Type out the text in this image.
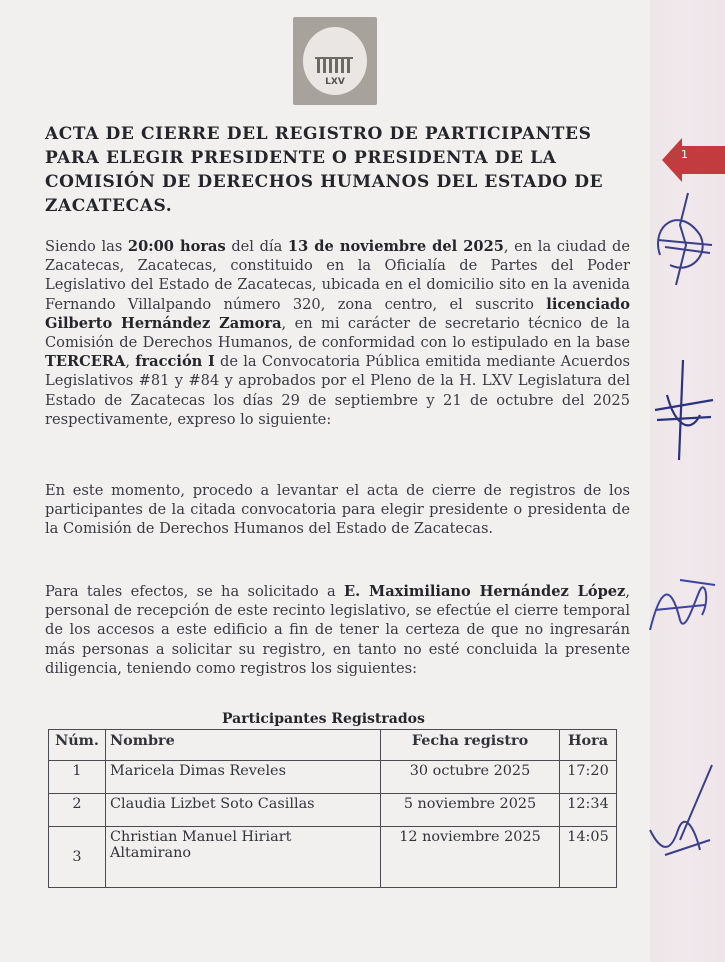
LXV
ACTA DE CIERRE DEL REGISTRO DE PARTICIPANTES PARA ELEGIR PRESIDENTE O PRESIDENTA DE LA COMISIÓN DE DERECHOS HUMANOS DEL ESTADO DE ZACATECAS.
Siendo las 20:00 horas del día 13 de noviembre del 2025, en la ciudad de Zacatecas, Zacatecas, constituido en la Oficialía de Partes del Poder Legislativo del Estado de Zacatecas, ubicada en el domicilio sito en la avenida Fernando Villalpando número 320, zona centro, el suscrito licenciado Gilberto Hernández Zamora, en mi carácter de secretario técnico de la Comisión de Derechos Humanos, de conformidad con lo estipulado en la base TERCERA, fracción I de la Convocatoria Pública emitida mediante Acuerdos Legislativos #81 y #84 y aprobados por el Pleno de la H. LXV Legislatura del Estado de Zacatecas los días 29 de septiembre y 21 de octubre del 2025 respectivamente, expreso lo siguiente:
En este momento, procedo a levantar el acta de cierre de registros de los participantes de la citada convocatoria para elegir presidente o presidenta de la Comisión de Derechos Humanos del Estado de Zacatecas.
Para tales efectos, se ha solicitado a E. Maximiliano Hernández López, personal de recepción de este recinto legislativo, se efectúe el cierre temporal de los accesos a este edificio a fin de tener la certeza de que no ingresarán más personas a solicitar su registro, en tanto no esté concluida la presente diligencia, teniendo como registros los siguientes:
Participantes Registrados
Núm.	Nombre	Fecha registro	Hora
1	Maricela Dimas Reveles	30 octubre 2025	17:20
2	Claudia Lizbet Soto Casillas	5 noviembre 2025	12:34
3	Christian Manuel Hiriart Altamirano	12 noviembre 2025	14:05
1
